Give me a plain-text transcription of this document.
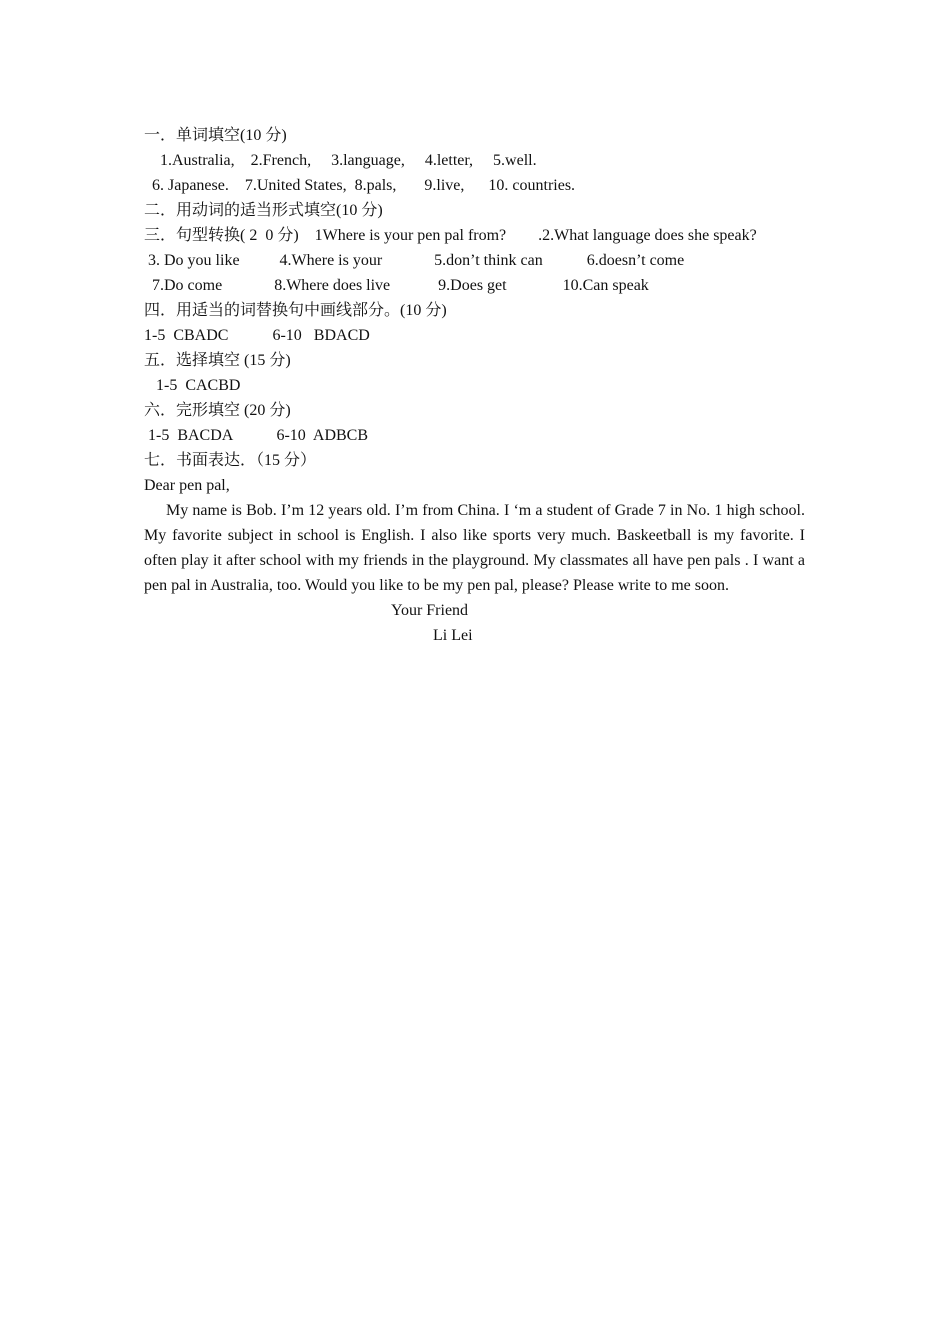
一．单词填空(10 分)
1.Australia,    2.French,     3.language,     4.letter,     5.well.
6. Japanese.    7.United States,  8.pals,       9.live,      10. countries.
二．用动词的适当形式填空(10 分)
三．句型转换( 2  0 分)    1Where is your pen pal from?        .2.What language does she speak?
3. Do you like          4.Where is your             5.don’t think can           6.doesn’t come
7.Do come             8.Where does live            9.Does get              10.Can speak
四．用适当的词替换句中画线部分。(10 分)
1-5  CBADC           6-10   BDACD
五．选择填空 (15 分)
1-5  CACBD
六．完形填空 (20 分)
1-5  BACDA           6-10  ADBCB
七．书面表达．（15 分）
Dear pen pal,
My name is Bob. I’m 12 years old. I’m from China. I ‘m a student of Grade 7 in No. 1 high school. My favorite subject in school is English. I also like sports very much. Baskeetball is my favorite. I often play it after school with my friends in the playground. My classmates all have pen pals . I want a pen pal in Australia, too. Would you like to be my pen pal, please? Please write to me soon.
Your Friend
Li Lei
